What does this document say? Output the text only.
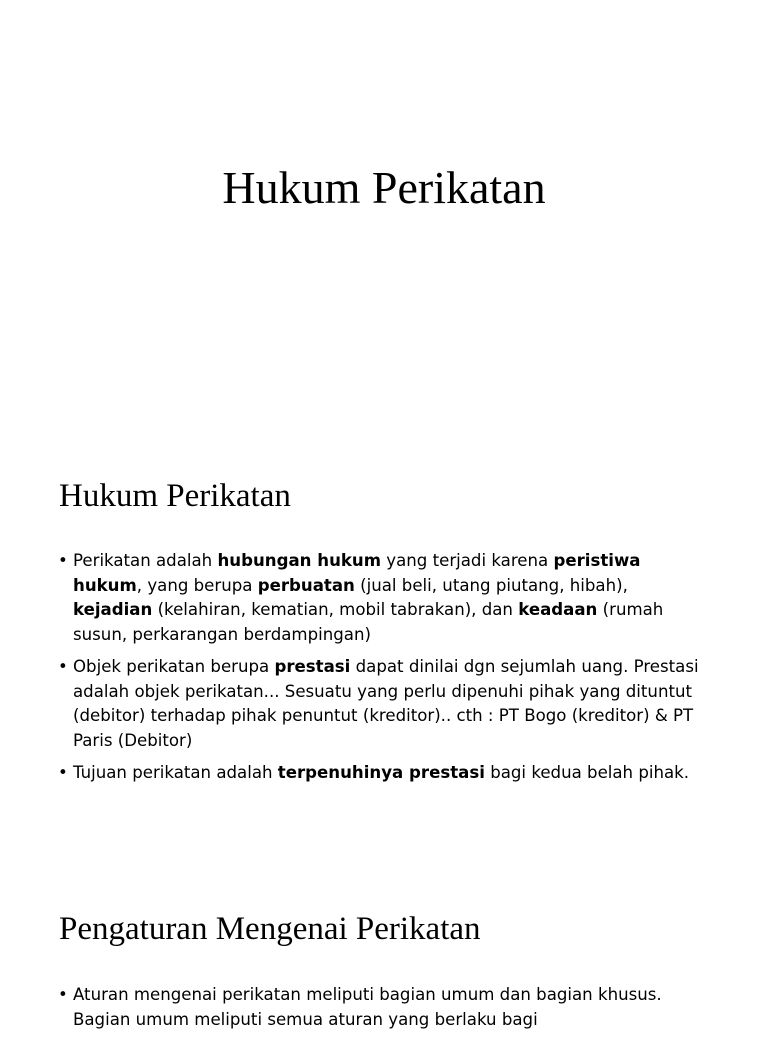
Hukum Perikatan
Hukum Perikatan
• Perikatan adalah hubungan hukum yang terjadi karena peristiwa hukum, yang berupa perbuatan (jual beli, utang piutang, hibah), kejadian (kelahiran, kematian, mobil tabrakan), dan keadaan (rumah susun, perkarangan berdampingan)
• Objek perikatan berupa prestasi dapat dinilai dgn sejumlah uang. Prestasi adalah objek perikatan... Sesuatu yang perlu dipenuhi pihak yang dituntut (debitor) terhadap pihak penuntut (kreditor).. cth : PT Bogo (kreditor) & PT Paris (Debitor)
• Tujuan perikatan adalah terpenuhinya prestasi bagi kedua belah pihak.
Pengaturan Mengenai Perikatan
• Aturan mengenai perikatan meliputi bagian umum dan bagian khusus. Bagian umum meliputi semua aturan yang berlaku bagi
